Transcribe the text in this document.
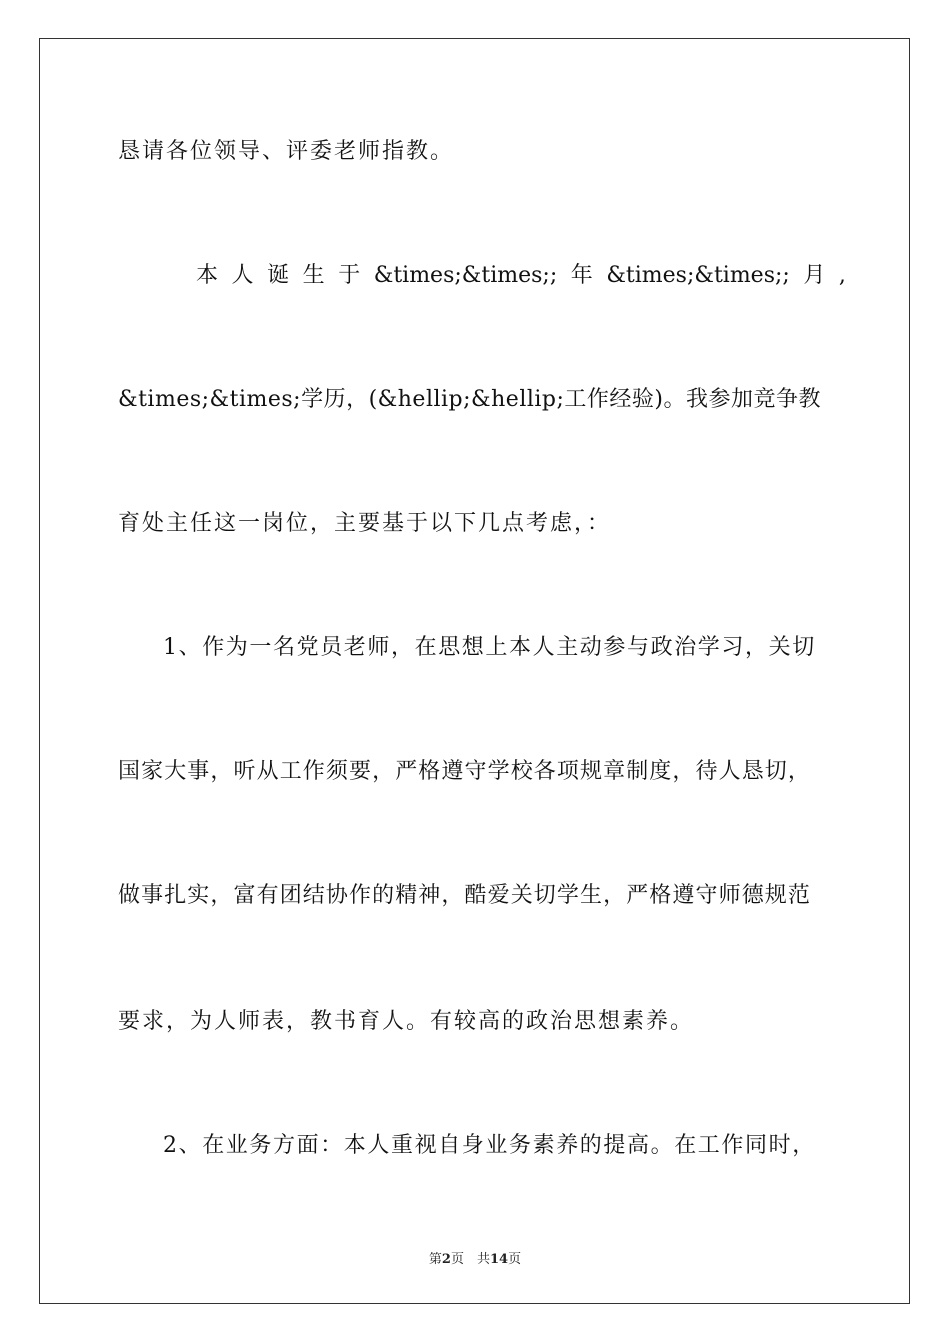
恳请各位领导、评委老师指教。
本 人 诞 生 于 &times;&times;; 年 &times;&times;; 月 ,
&times;&times;学历，(&hellip;&hellip;工作经验)。我参加竞争教
育处主任这一岗位，主要基于以下几点考虑，：
1、作为一名党员老师，在思想上本人主动参与政治学习，关切
国家大事，听从工作须要，严格遵守学校各项规章制度，待人恳切，
做事扎实，富有团结协作的精神，酷爱关切学生，严格遵守师德规范
要求，为人师表，教书育人。有较高的政治思想素养。
2、在业务方面：本人重视自身业务素养的提高。在工作同时，
第2页　共14页
